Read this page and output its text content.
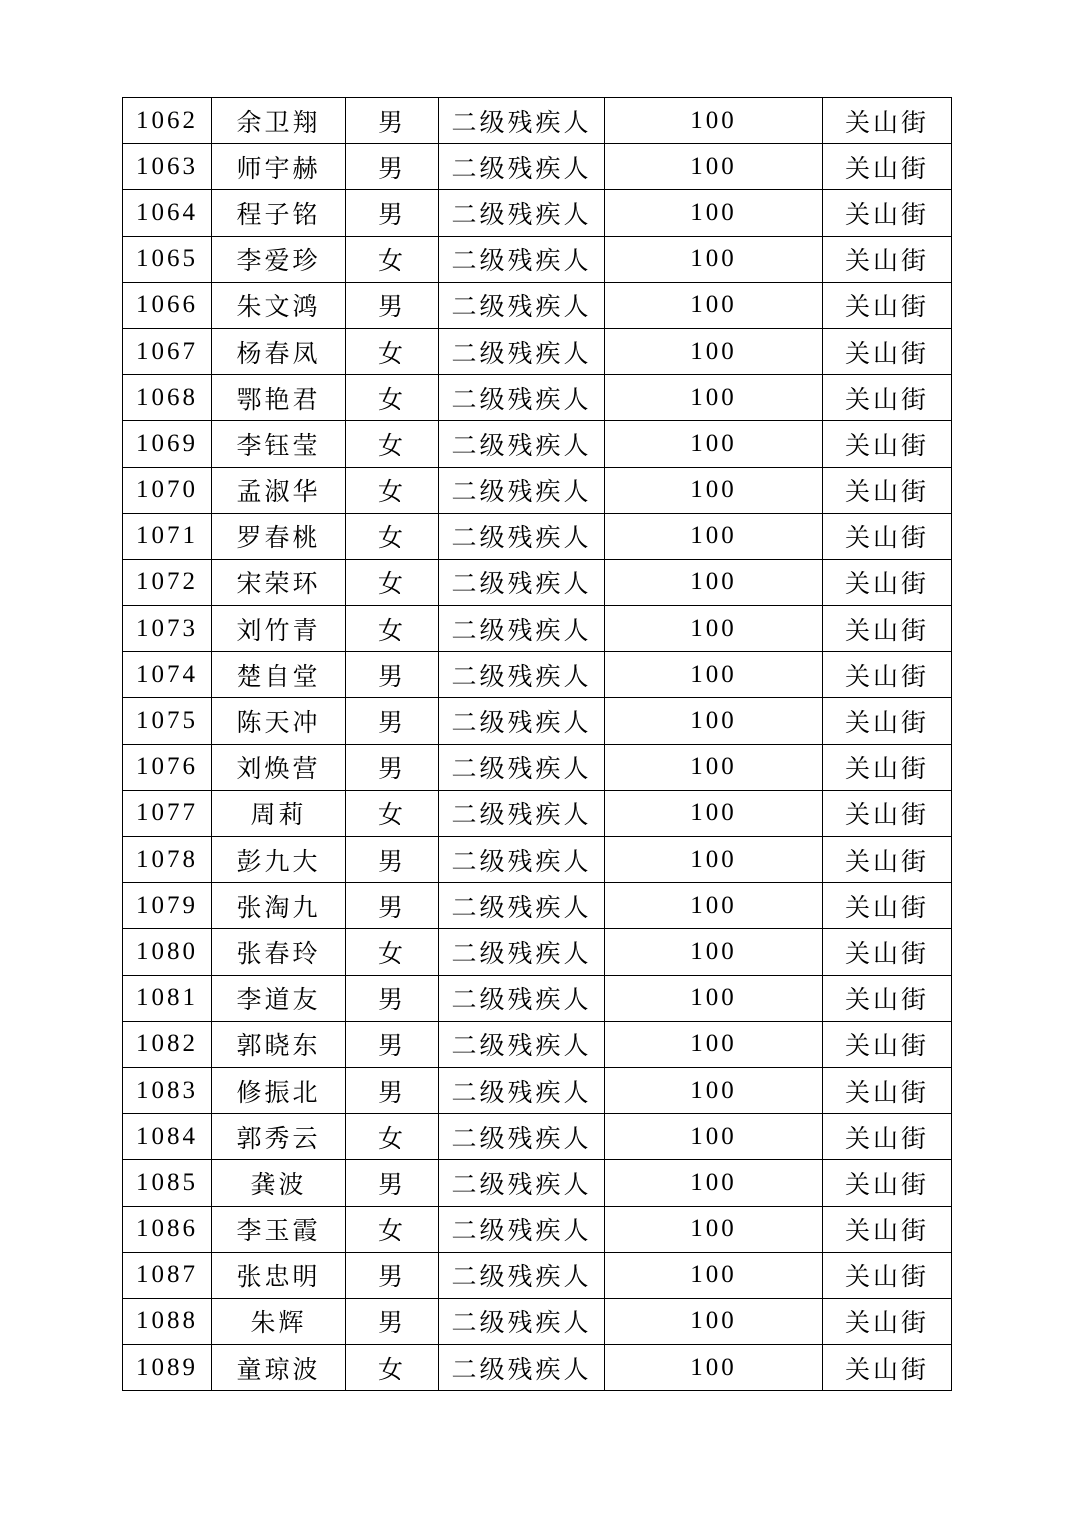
1062	余卫翔	男	二级残疾人	100	关山街
1063	师宇赫	男	二级残疾人	100	关山街
1064	程子铭	男	二级残疾人	100	关山街
1065	李爱珍	女	二级残疾人	100	关山街
1066	朱文鸿	男	二级残疾人	100	关山街
1067	杨春凤	女	二级残疾人	100	关山街
1068	鄂艳君	女	二级残疾人	100	关山街
1069	李钰莹	女	二级残疾人	100	关山街
1070	孟淑华	女	二级残疾人	100	关山街
1071	罗春桃	女	二级残疾人	100	关山街
1072	宋荣环	女	二级残疾人	100	关山街
1073	刘竹青	女	二级残疾人	100	关山街
1074	楚自堂	男	二级残疾人	100	关山街
1075	陈天冲	男	二级残疾人	100	关山街
1076	刘焕营	男	二级残疾人	100	关山街
1077	周莉	女	二级残疾人	100	关山街
1078	彭九大	男	二级残疾人	100	关山街
1079	张淘九	男	二级残疾人	100	关山街
1080	张春玲	女	二级残疾人	100	关山街
1081	李道友	男	二级残疾人	100	关山街
1082	郭晓东	男	二级残疾人	100	关山街
1083	修振北	男	二级残疾人	100	关山街
1084	郭秀云	女	二级残疾人	100	关山街
1085	龚波	男	二级残疾人	100	关山街
1086	李玉霞	女	二级残疾人	100	关山街
1087	张忠明	男	二级残疾人	100	关山街
1088	朱辉	男	二级残疾人	100	关山街
1089	童琼波	女	二级残疾人	100	关山街
